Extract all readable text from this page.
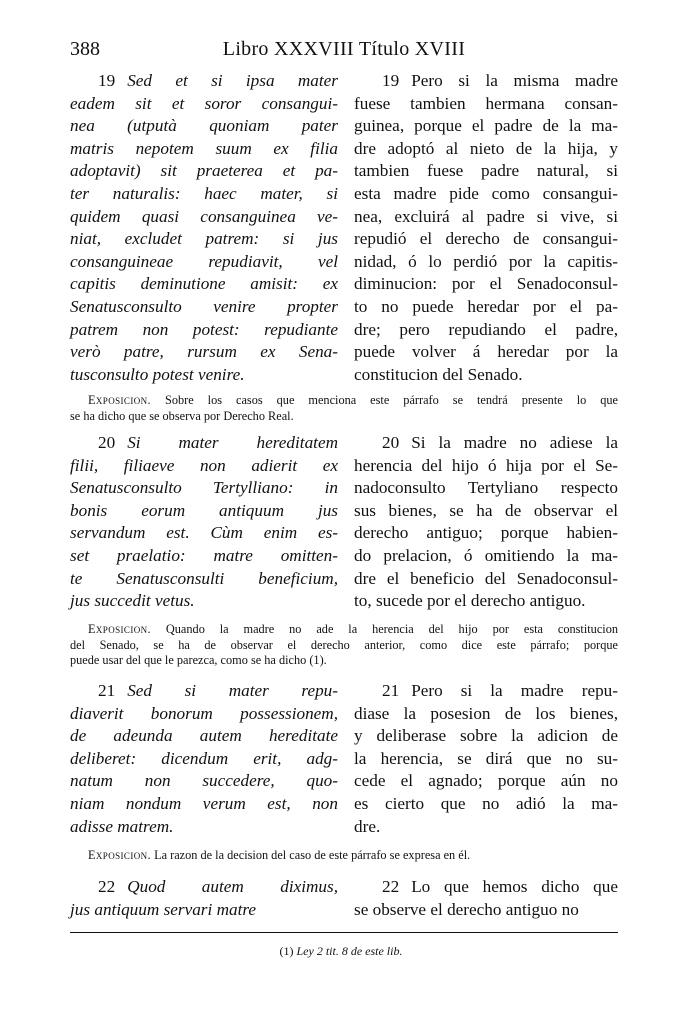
388	Libro XXXVIII Título XVIII
19 Sed et si ipsa mater
eadem sit et soror consangui-
nea (utputà quoniam pater
matris nepotem suum ex filia
adoptavit) sit praeterea et pa-
ter naturalis: haec mater, si
quidem quasi consanguinea ve-
niat, excludet patrem: si jus
consanguineae repudiavit, vel
capitis deminutione amisit: ex
Senatusconsulto venire propter
patrem non potest: repudiante
verò patre, rursum ex Sena-
tusconsulto potest venire.
19 Pero si la misma madre
fuese tambien hermana consan-
guinea, porque el padre de la ma-
dre adoptó al nieto de la hija, y
tambien fuese padre natural, si
esta madre pide como consangui-
nea, excluirá al padre si vive, si
repudió el derecho de consangui-
nidad, ó lo perdió por la capitis-
diminucion: por el Senadoconsul-
to no puede heredar por el pa-
dre; pero repudiando el padre,
puede volver á heredar por la
constitucion del Senado.
Exposicion. Sobre los casos que menciona este párrafo se tendrá presente lo que
se ha dicho que se observa por Derecho Real.
20 Si mater hereditatem
filii, filiaeve non adierit ex
Senatusconsulto Tertylliano: in
bonis eorum antiquum jus
servandum est. Cùm enim es-
set praelatio: matre omitten-
te Senatusconsulti beneficium,
jus succedit vetus.
20 Si la madre no adiese la
herencia del hijo ó hija por el Se-
nadoconsulto Tertyliano respecto
sus bienes, se ha de observar el
derecho antiguo; porque habien-
do prelacion, ó omitiendo la ma-
dre el beneficio del Senadoconsul-
to, sucede por el derecho antiguo.
Exposicion. Quando la madre no ade la herencia del hijo por esta constitucion
del Senado, se ha de observar el derecho anterior, como dice este párrafo; porque
puede usar del que le parezca, como se ha dicho (1).
21 Sed si mater repu-
diaverit bonorum possessionem,
de adeunda autem hereditate
deliberet: dicendum erit, adg-
natum non succedere, quo-
niam nondum verum est, non
adisse matrem.
21 Pero si la madre repu-
diase la posesion de los bienes,
y deliberase sobre la adicion de
la herencia, se dirá que no su-
cede el agnado; porque aún no
es cierto que no adió la ma-
dre.
Exposicion. La razon de la decision del caso de este párrafo se expresa en él.
22 Quod autem diximus,
jus antiquum servari matre
22 Lo que hemos dicho que
se observe el derecho antiguo no
(1) Ley 2 tit. 8 de este lib.
